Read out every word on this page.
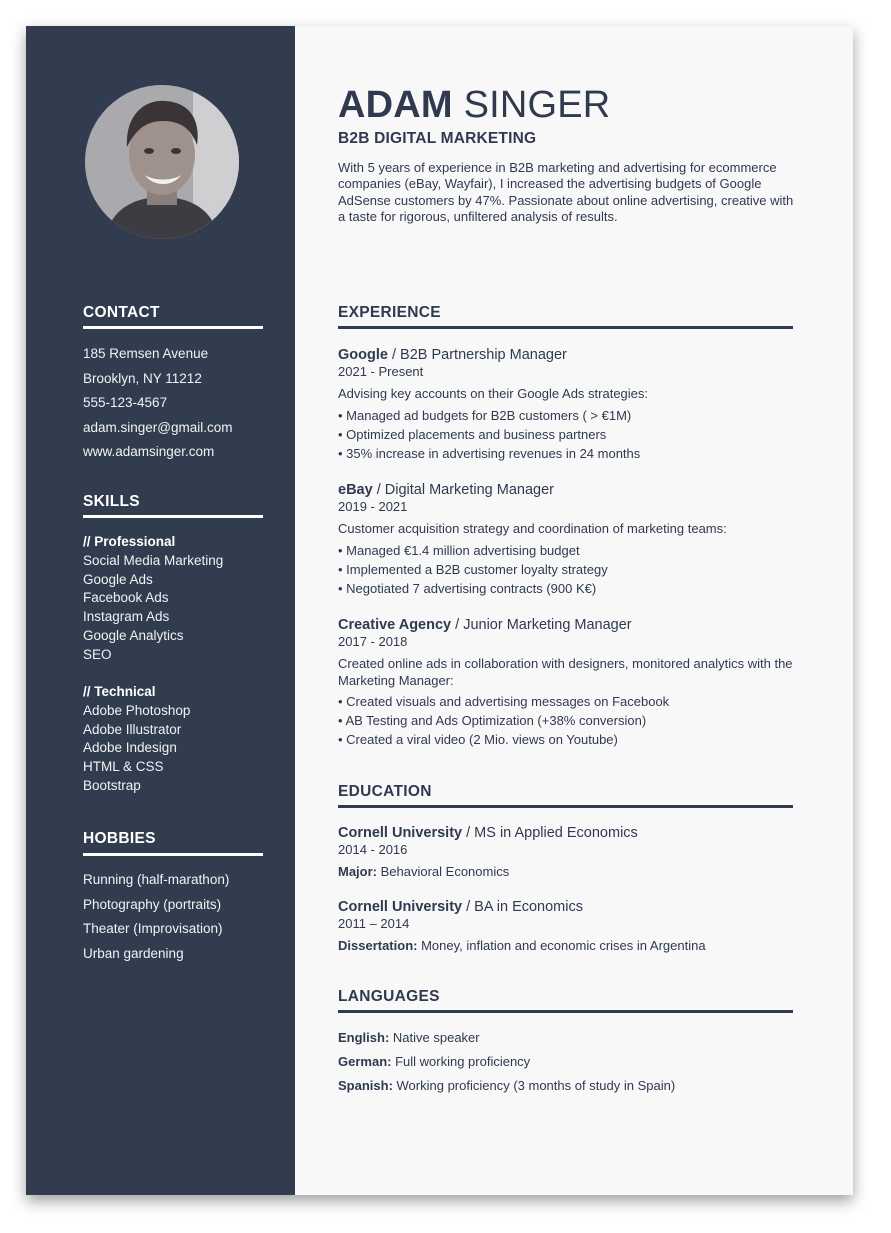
CONTACT
185 Remsen Avenue
Brooklyn, NY 11212
555-123-4567
adam.singer@gmail.com
www.adamsinger.com
SKILLS
// Professional
Social Media Marketing
Google Ads
Facebook Ads
Instagram Ads
Google Analytics
SEO
// Technical
Adobe Photoshop
Adobe Illustrator
Adobe Indesign
HTML & CSS
Bootstrap
HOBBIES
Running (half-marathon)
Photography (portraits)
Theater (Improvisation)
Urban gardening
ADAM SINGER
B2B DIGITAL MARKETING
With 5 years of experience in B2B marketing and advertising for ecommerce companies (eBay, Wayfair), I increased the advertising budgets of Google AdSense customers by 47%. Passionate about online advertising, creative with a taste for rigorous, unfiltered analysis of results.
EXPERIENCE
Google / B2B Partnership Manager
2021 - Present
Advising key accounts on their Google Ads strategies:
• Managed ad budgets for B2B customers ( > €1M)
• Optimized placements and business partners
• 35% increase in advertising revenues in 24 months
eBay / Digital Marketing Manager
2019 - 2021
Customer acquisition strategy and coordination of marketing teams:
• Managed €1.4 million advertising budget
• Implemented a B2B customer loyalty strategy
• Negotiated 7 advertising contracts (900 K€)
Creative Agency / Junior Marketing Manager
2017 - 2018
Created online ads in collaboration with designers, monitored analytics with the Marketing Manager:
• Created visuals and advertising messages on Facebook
• AB Testing and Ads Optimization (+38% conversion)
• Created a viral video (2 Mio. views on Youtube)
EDUCATION
Cornell University / MS in Applied Economics
2014 - 2016
Major: Behavioral Economics
Cornell University / BA in Economics
2011 – 2014
Dissertation: Money, inflation and economic crises in Argentina
LANGUAGES
English: Native speaker
German: Full working proficiency
Spanish: Working proficiency (3 months of study in Spain)
